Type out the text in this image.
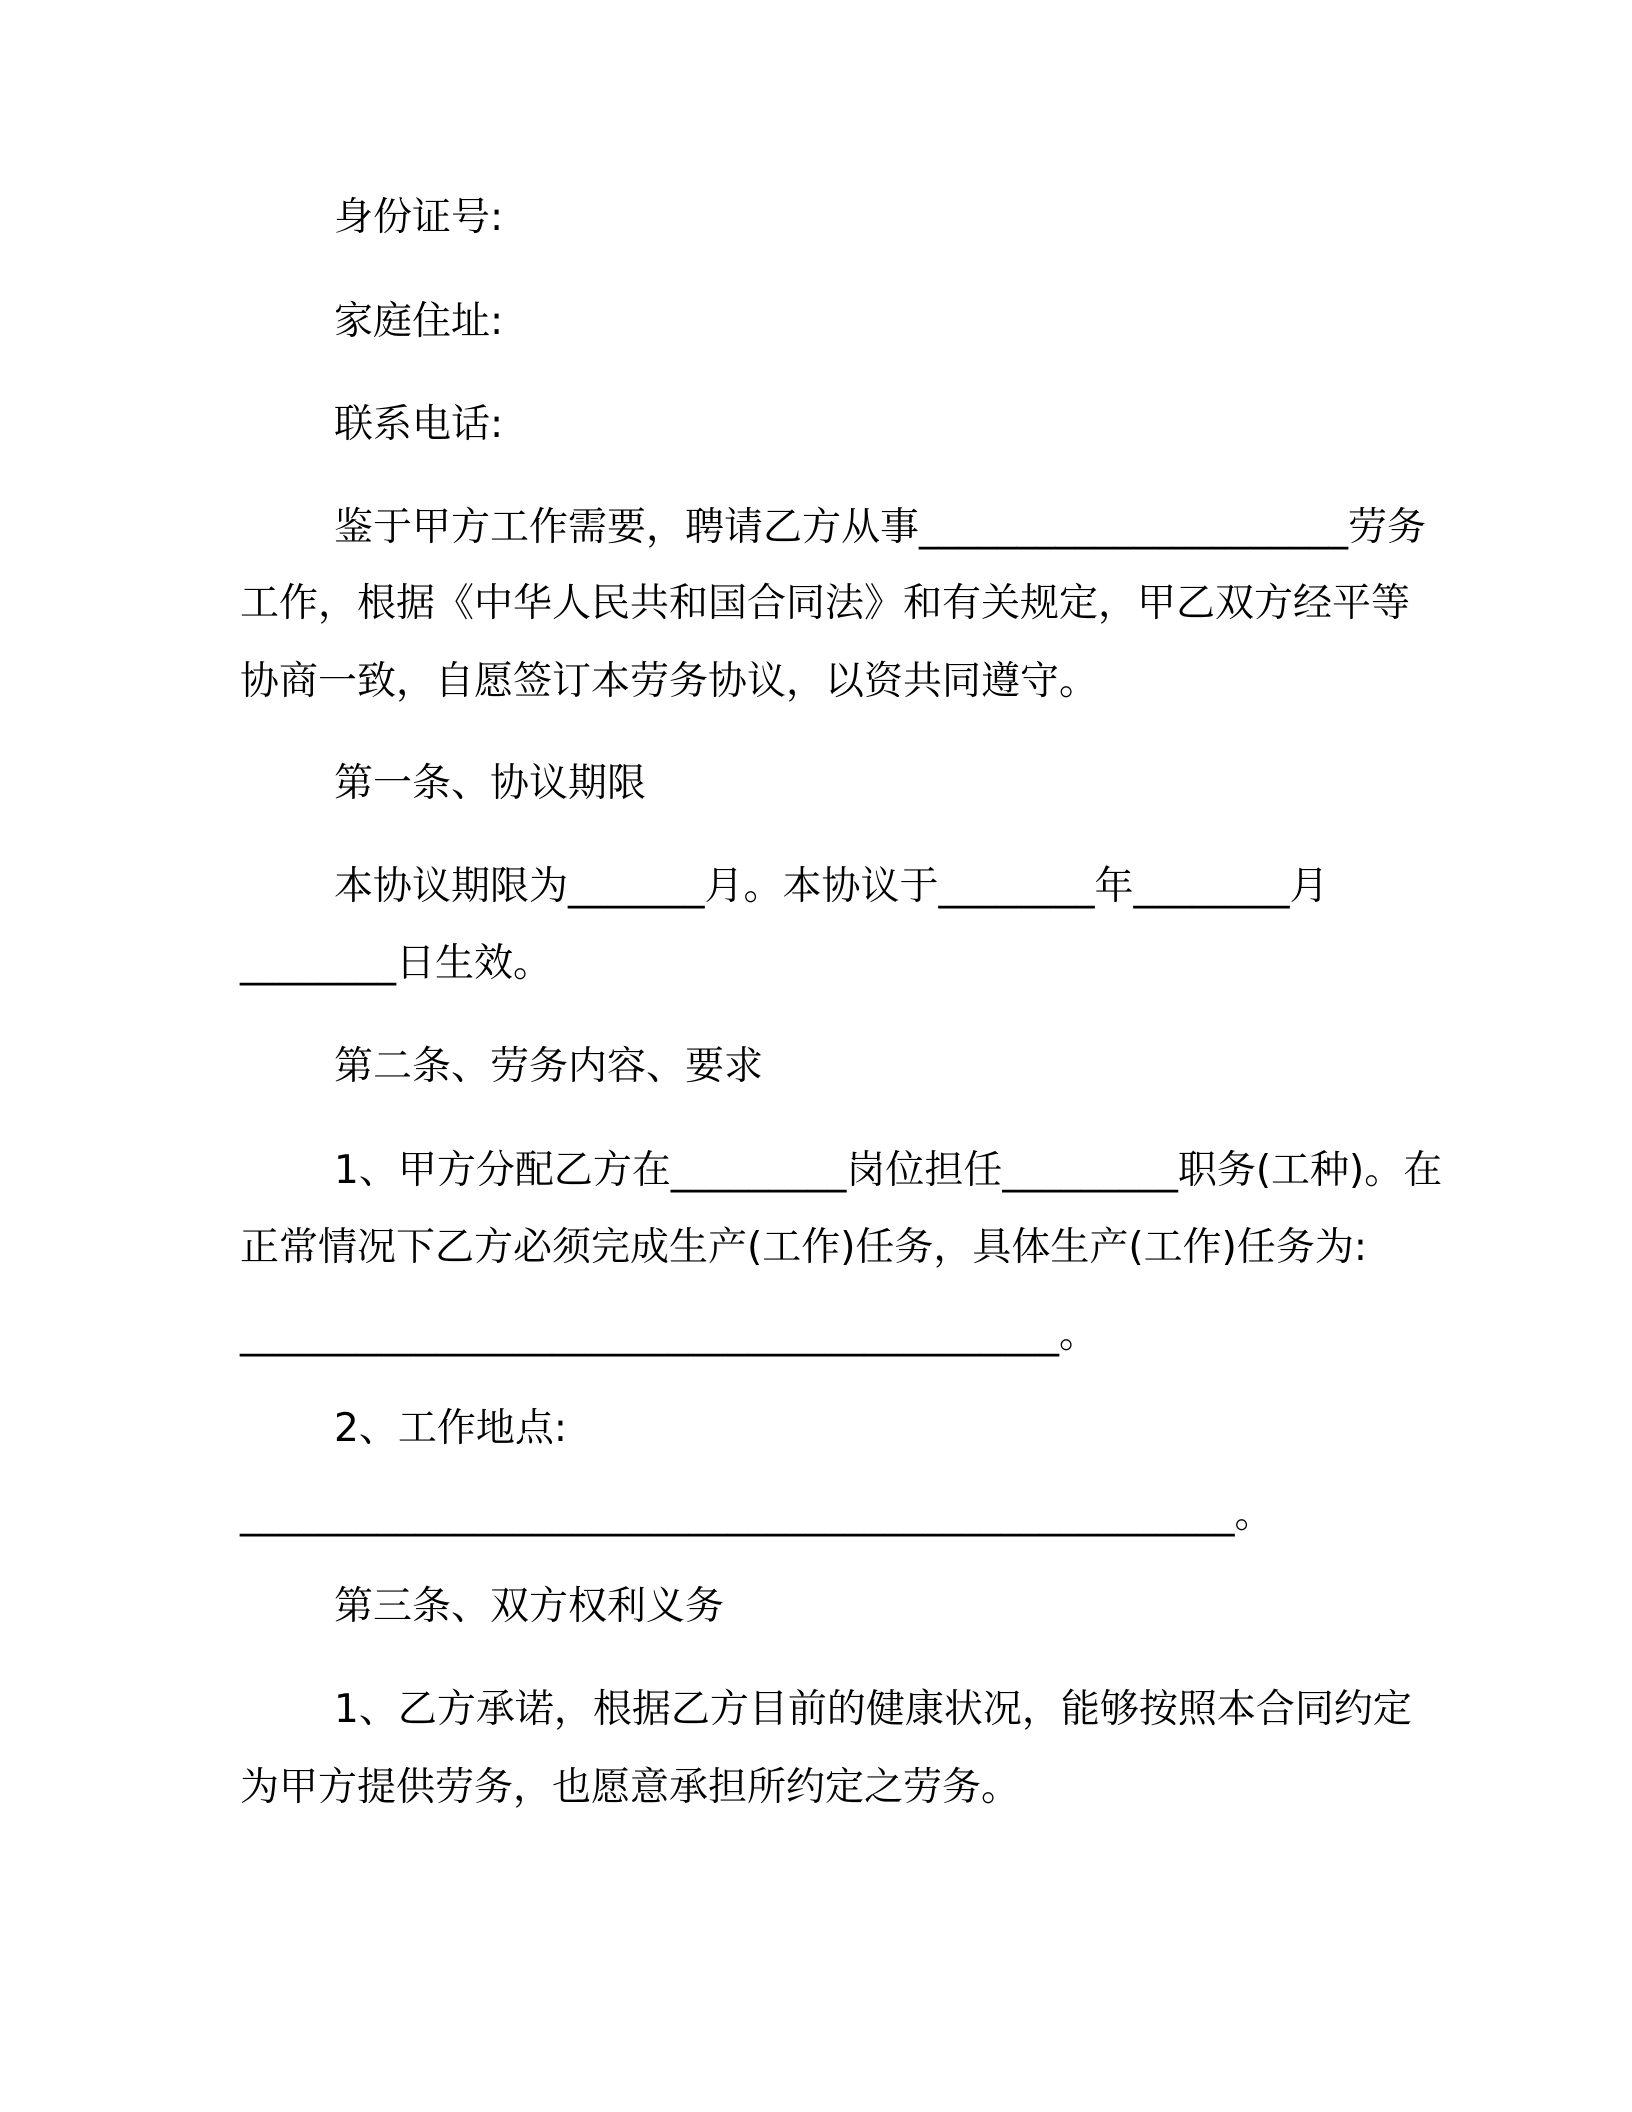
身份证号:
家庭住址:
联系电话:
鉴于甲方工作需要，聘请乙方从事______________________劳务
工作，根据《中华人民共和国合同法》和有关规定，甲乙双方经平等
协商一致，自愿签订本劳务协议，以资共同遵守。
第一条、协议期限
本协议期限为_______月。本协议于________年________月
________日生效。
第二条、劳务内容、要求
1、甲方分配乙方在_________岗位担任_________职务(工种)。在
正常情况下乙方必须完成生产(工作)任务，具体生产(工作)任务为:
__________________________________________。
2、工作地点:
___________________________________________________。
第三条、双方权利义务
1、乙方承诺，根据乙方目前的健康状况，能够按照本合同约定
为甲方提供劳务，也愿意承担所约定之劳务。
